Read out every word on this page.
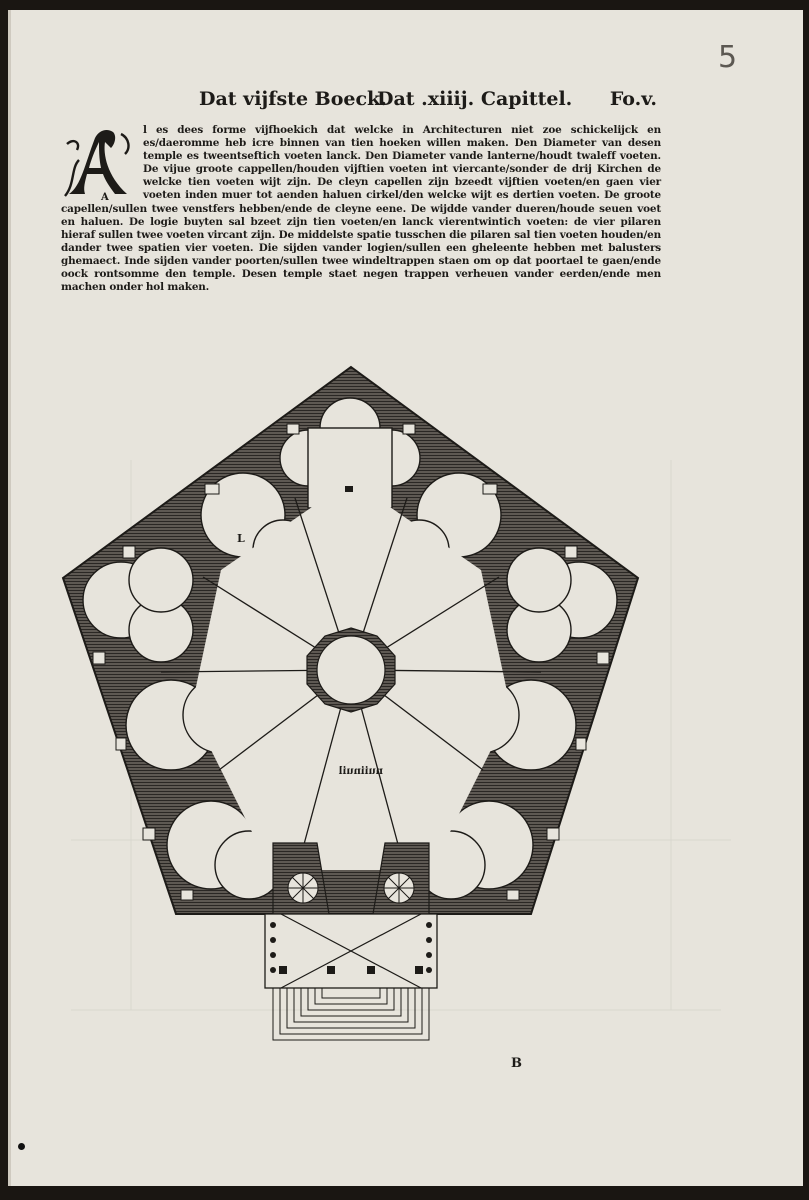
5
Dat vijfste Boeck.
Dat .xiiij. Capittel. Fo.v.
A

l es dees forme vijfhoekich dat welcke in Architecturen niet zoe schickelijck en es/daeromme heb icre binnen van tien hoeken willen maken. Den Diameter van desen temple es tweentseftich voeten lanck. Den Diameter vande lanterne/houdt twaleff voeten. De vijue groote cappellen/houden vijftien voeten int viercante/sonder de drij Kirchen de welcke tien voeten wijt zijn. De cleyn capellen zijn bzeedt vijftien voeten/en gaen vier voeten inden muer tot aenden haluen cirkel/den welcke wijt es dertien voeten. De groote capellen/sullen twee venstfers hebben/ende de cleyne eene. De wijdde vander dueren/houde seuen voet en haluen. De logie buyten sal bzeet zijn tien voeten/en lanck vierentwintich voeten: de vier pilaren hieraf sullen twee voeten vircant zijn. De middelste spatie tusschen die pilaren sal tien voeten houden/en dander twee spatien vier voeten. Die sijden vander logien/sullen een gheleente hebben met balusters ghemaect. Inde sijden vander poorten/sullen twee windeltrappen staen om op dat poortael te gaen/ende oock rontsomme den temple. Desen temple staet negen trappen verheuen vander eerden/ende men machen onder hol maken.

L
nuiinuil
B
